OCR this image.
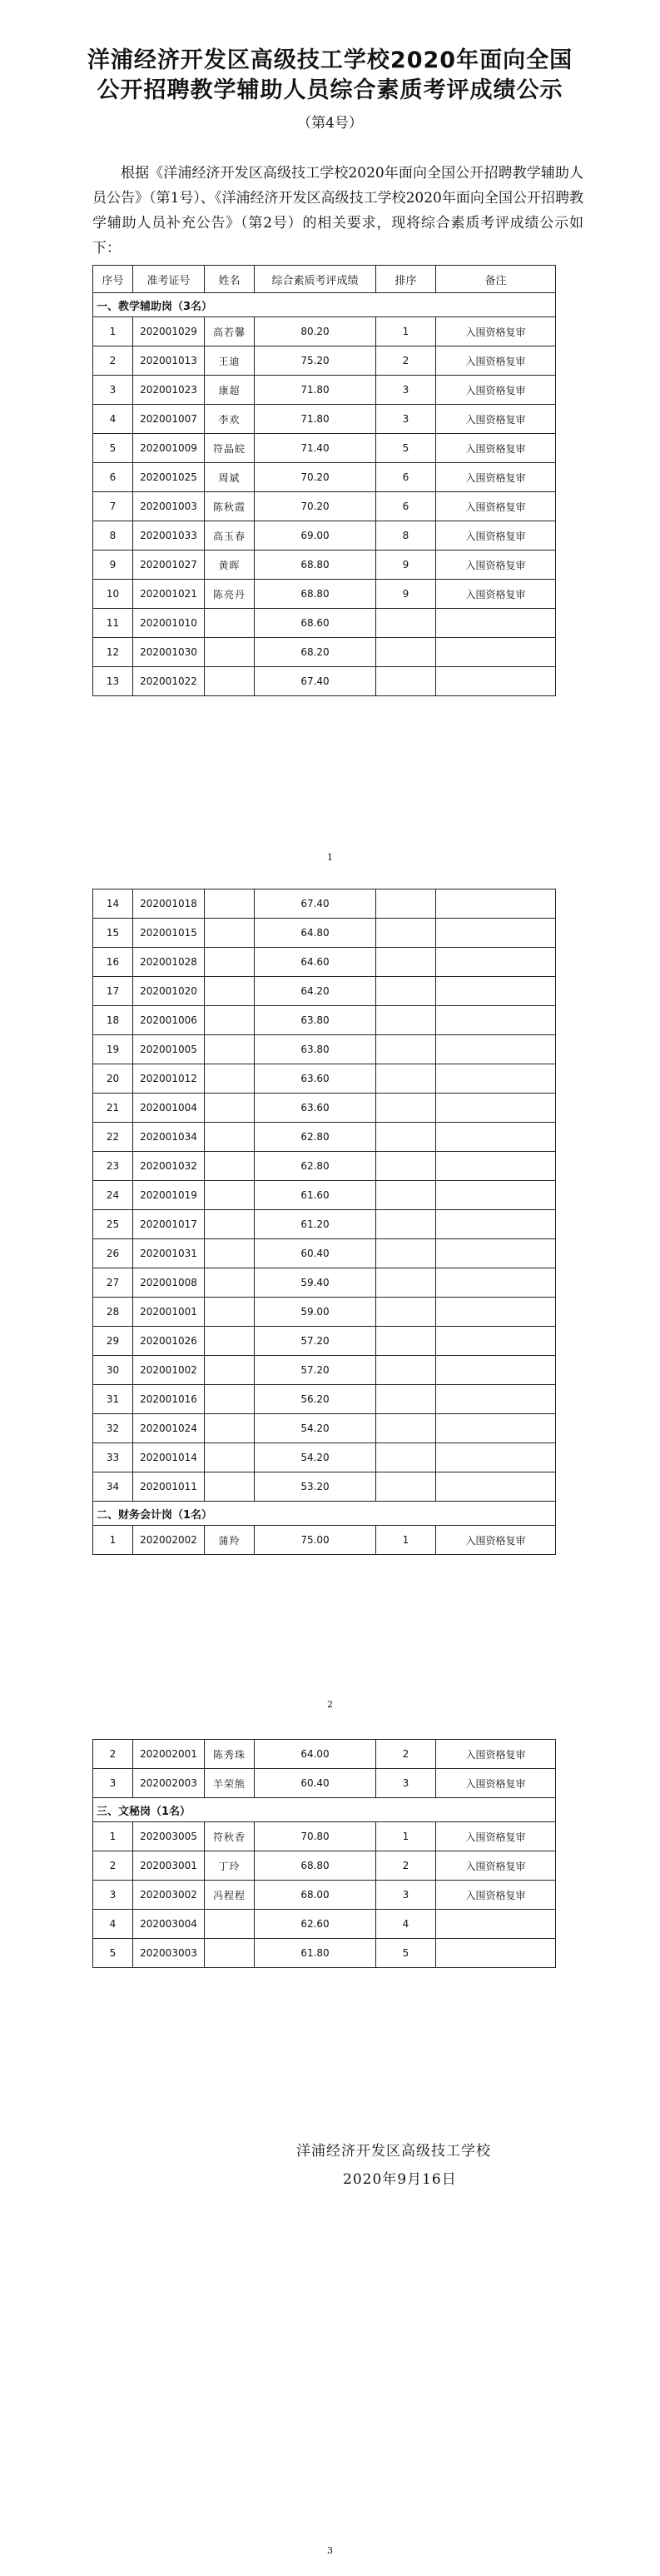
洋浦经济开发区高级技工学校2020年面向全国
公开招聘教学辅助人员综合素质考评成绩公示
（第4号）
根据《洋浦经济开发区高级技工学校2020年面向全国公开招聘教学辅助人员公告》（第1号）、《洋浦经济开发区高级技工学校2020年面向全国公开招聘教学辅助人员补充公告》（第2号）的相关要求，现将综合素质考评成绩公示如下：
序号	准考证号	姓名	综合素质考评成绩	排序	备注
一、教学辅助岗（3名）					
1	202001029	高若馨	80.20	1	入围资格复审
2	202001013	王迪	75.20	2	入围资格复审
3	202001023	康超	71.80	3	入围资格复审
4	202001007	李欢	71.80	3	入围资格复审
5	202001009	符晶皖	71.40	5	入围资格复审
6	202001025	周斌	70.20	6	入围资格复审
7	202001003	陈秋霞	70.20	6	入围资格复审
8	202001033	高玉春	69.00	8	入围资格复审
9	202001027	黄晖	68.80	9	入围资格复审
10	202001021	陈亮丹	68.80	9	入围资格复审
11	202001010		68.60		
12	202001030		68.20		
13	202001022		67.40		
1
14	202001018		67.40		
15	202001015		64.80		
16	202001028		64.60		
17	202001020		64.20		
18	202001006		63.80		
19	202001005		63.80		
20	202001012		63.60		
21	202001004		63.60		
22	202001034		62.80		
23	202001032		62.80		
24	202001019		61.60		
25	202001017		61.20		
26	202001031		60.40		
27	202001008		59.40		
28	202001001		59.00		
29	202001026		57.20		
30	202001002		57.20		
31	202001016		56.20		
32	202001024		54.20		
33	202001014		54.20		
34	202001011		53.20		
二、财务会计岗（1名）					
1	202002002	蒲羚	75.00	1	入围资格复审
2
2	202002001	陈秀珠	64.00	2	入围资格复审
3	202002003	羊荣熊	60.40	3	入围资格复审
三、文秘岗（1名）					
1	202003005	符秋香	70.80	1	入围资格复审
2	202003001	丁玲	68.80	2	入围资格复审
3	202003002	冯程程	68.00	3	入围资格复审
4	202003004		62.60	4	
5	202003003		61.80	5	
洋浦经济开发区高级技工学校
2020年9月16日
3
